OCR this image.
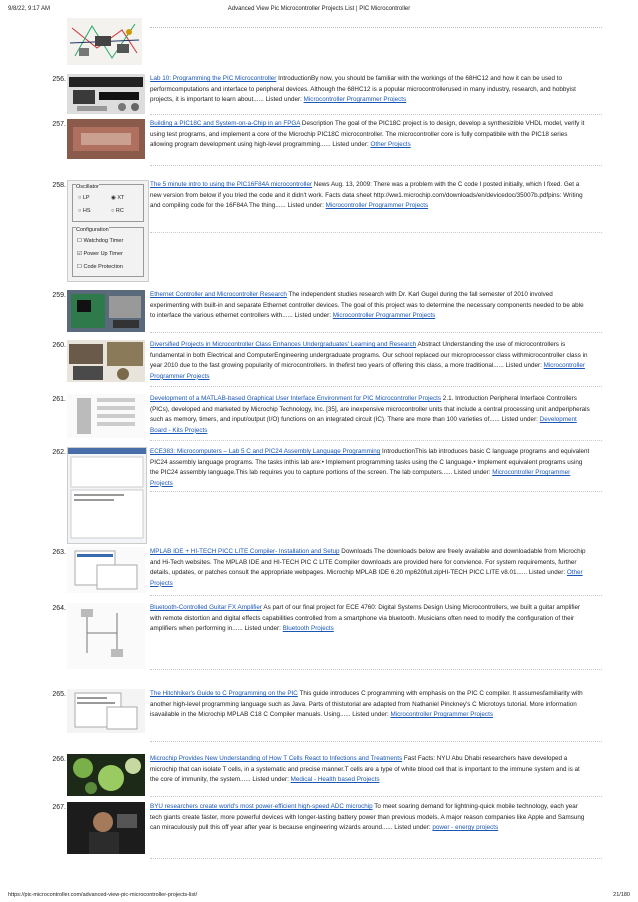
9/8/22, 9:17 AM	Advanced View Pic Microcontroller Projects List | PIC Microcontroller
256.	Lab 10: Programming the PIC Microcontroller IntroductionBy now, you should be familiar with the workings of the 68HC12 and how it can be used to performcomputations and interface to peripheral devices. Although the 68HC12 is a popular microcontrollerused in many industry, research, and hobbyist projects, it is important to learn about...... Listed under: Microcontroller Programmer Projects
257.	Building a PIC18C and System-on-a-Chip in an FPGA Description The goal of the PIC18C project is to design, develop a synthesizible VHDL model, verify it using test programs, and implement a core of the Microchip PIC18C microcontroller. The microcontroller core is fully compatibile with the PIC18 series allowing program development using high-level programming...... Listed under: Other Projects
258. Oscillator
○ LP	◉ XT
○ HS	○ RC
Configuration
☐ Watchdog Timer
☑ Power Up Timer
☐ Code Protection
The 5 minute intro to using the PIC16F84A microcontroller News Aug. 13, 2009: There was a problem with the C code I posted initially, which I fixed. Get a new version from below if you tried the code and it didn't work. Facts data sheet http://ww1.microchip.com/downloads/en/devicedoc/35007b.pdfpins: Writing and compiling code for the 16F84A The thing...... Listed under: Microcontroller Programmer Projects
259.	Ethernet Controller and Microcontroller Research The independent studies research with Dr. Karl Gugel during the fall semester of 2010 involved experimenting with built-in and separate Ethernet controller devices. The goal of this project was to determine the necessary components needed to be able to interface the various ethernet controllers with...... Listed under: Microcontroller Programmer Projects
260.	Diversified Projects in Microcontroller Class Enhances Undergraduates' Learning and Research Abstract Understanding the use of microcontrollers is fundamental in both Electrical and ComputerEngineering undergraduate programs. Our school replaced our microprocessor class withmicrocontroller class in year 2010 due to the fast growing popularity of microcontrollers. In thefirst two years of offering this class, a more traditional...... Listed under: Microcontroller Programmer Projects
261.	Development of a MATLAB-based Graphical User Interface Environment for PIC Microcontroller Projects 2.1. Introduction Peripheral Interface Controllers (PICs), developed and marketed by Microchip Technology, Inc. [35], are inexpensive microcontroller units that include a central processing unit andperipherals such as memory, timers, and input/output (I/O) functions on an integrated circuit (IC). There are more than 100 varieties of...... Listed under: Development Board - Kits Projects
262.	ECE383: Microcomputers – Lab 5 C and PIC24 Assembly Language Programming IntroductionThis lab introduces basic C language programs and equivalent PIC24 assembly language programs. The tasks inthis lab are:• Implement programming tasks using the C language.• Implement equivalent programs using the PIC24 assembly language.This lab requires you to capture portions of the screen. The lab computers...... Listed under: Microcontroller Programmer Projects
263.	MPLAB IDE + HI-TECH PICC LITE Compiler- Installation and Setup Downloads The downloads below are freely available and downloadable from Microchip and Hi-Tech websites. The MPLAB IDE and HI-TECH PIC C LITE Compiler downloads are provided here for convience. For system requirements, further details, updates, or patches consult the appropriate webpages. Microchip MPLAB IDE 6.20 mp620full.zipHI-TECH PICC LITE v8.01...... Listed under: Other Projects
264.	Bluetooth-Controlled Guitar FX Amplifier As part of our final project for ECE 4760: Digital Systems Design Using Microcontrollers, we built a guitar amplifier with remote distortion and digital effects capabilities controlled from a smartphone via bluetooth. Musicians often need to modify the configuration of their amplifiers when performing in...... Listed under: Bluetooth Projects
265.	The Hitchhiker's Guide to C Programming on the PIC This guide introduces C programming with emphasis on the PIC C compiler. It assumesfamiliarity with another high-level programming language such as Java. Parts of thistutorial are adapted from Nathaniel Pinckney's C Microtoys tutorial. More information isavailable in the Microchip MPLAB C18 C Compiler manuals. Using...... Listed under: Microcontroller Programmer Projects
266.	Microchip Provides New Understanding of How T Cells React to Infections and Treatments Fast Facts: NYU Abu Dhabi researchers have developed a microchip that can isolate T cells, in a systematic and precise manner.T cells are a type of white blood cell that is important to the immune system and is at the core of immunity, the system...... Listed under: Medical - Health based Projects
267.	BYU researchers create world's most power-efficient high-speed ADC microchip To meet soaring demand for lightning-quick mobile technology, each year tech giants create faster, more powerful devices with longer-lasting battery power than previous models. A major reason companies like Apple and Samsung can miraculously pull this off year after year is because engineering wizards around...... Listed under: power - energy projects
https://pic-microcontroller.com/advanced-view-pic-microcontroller-projects-list/	21/180
